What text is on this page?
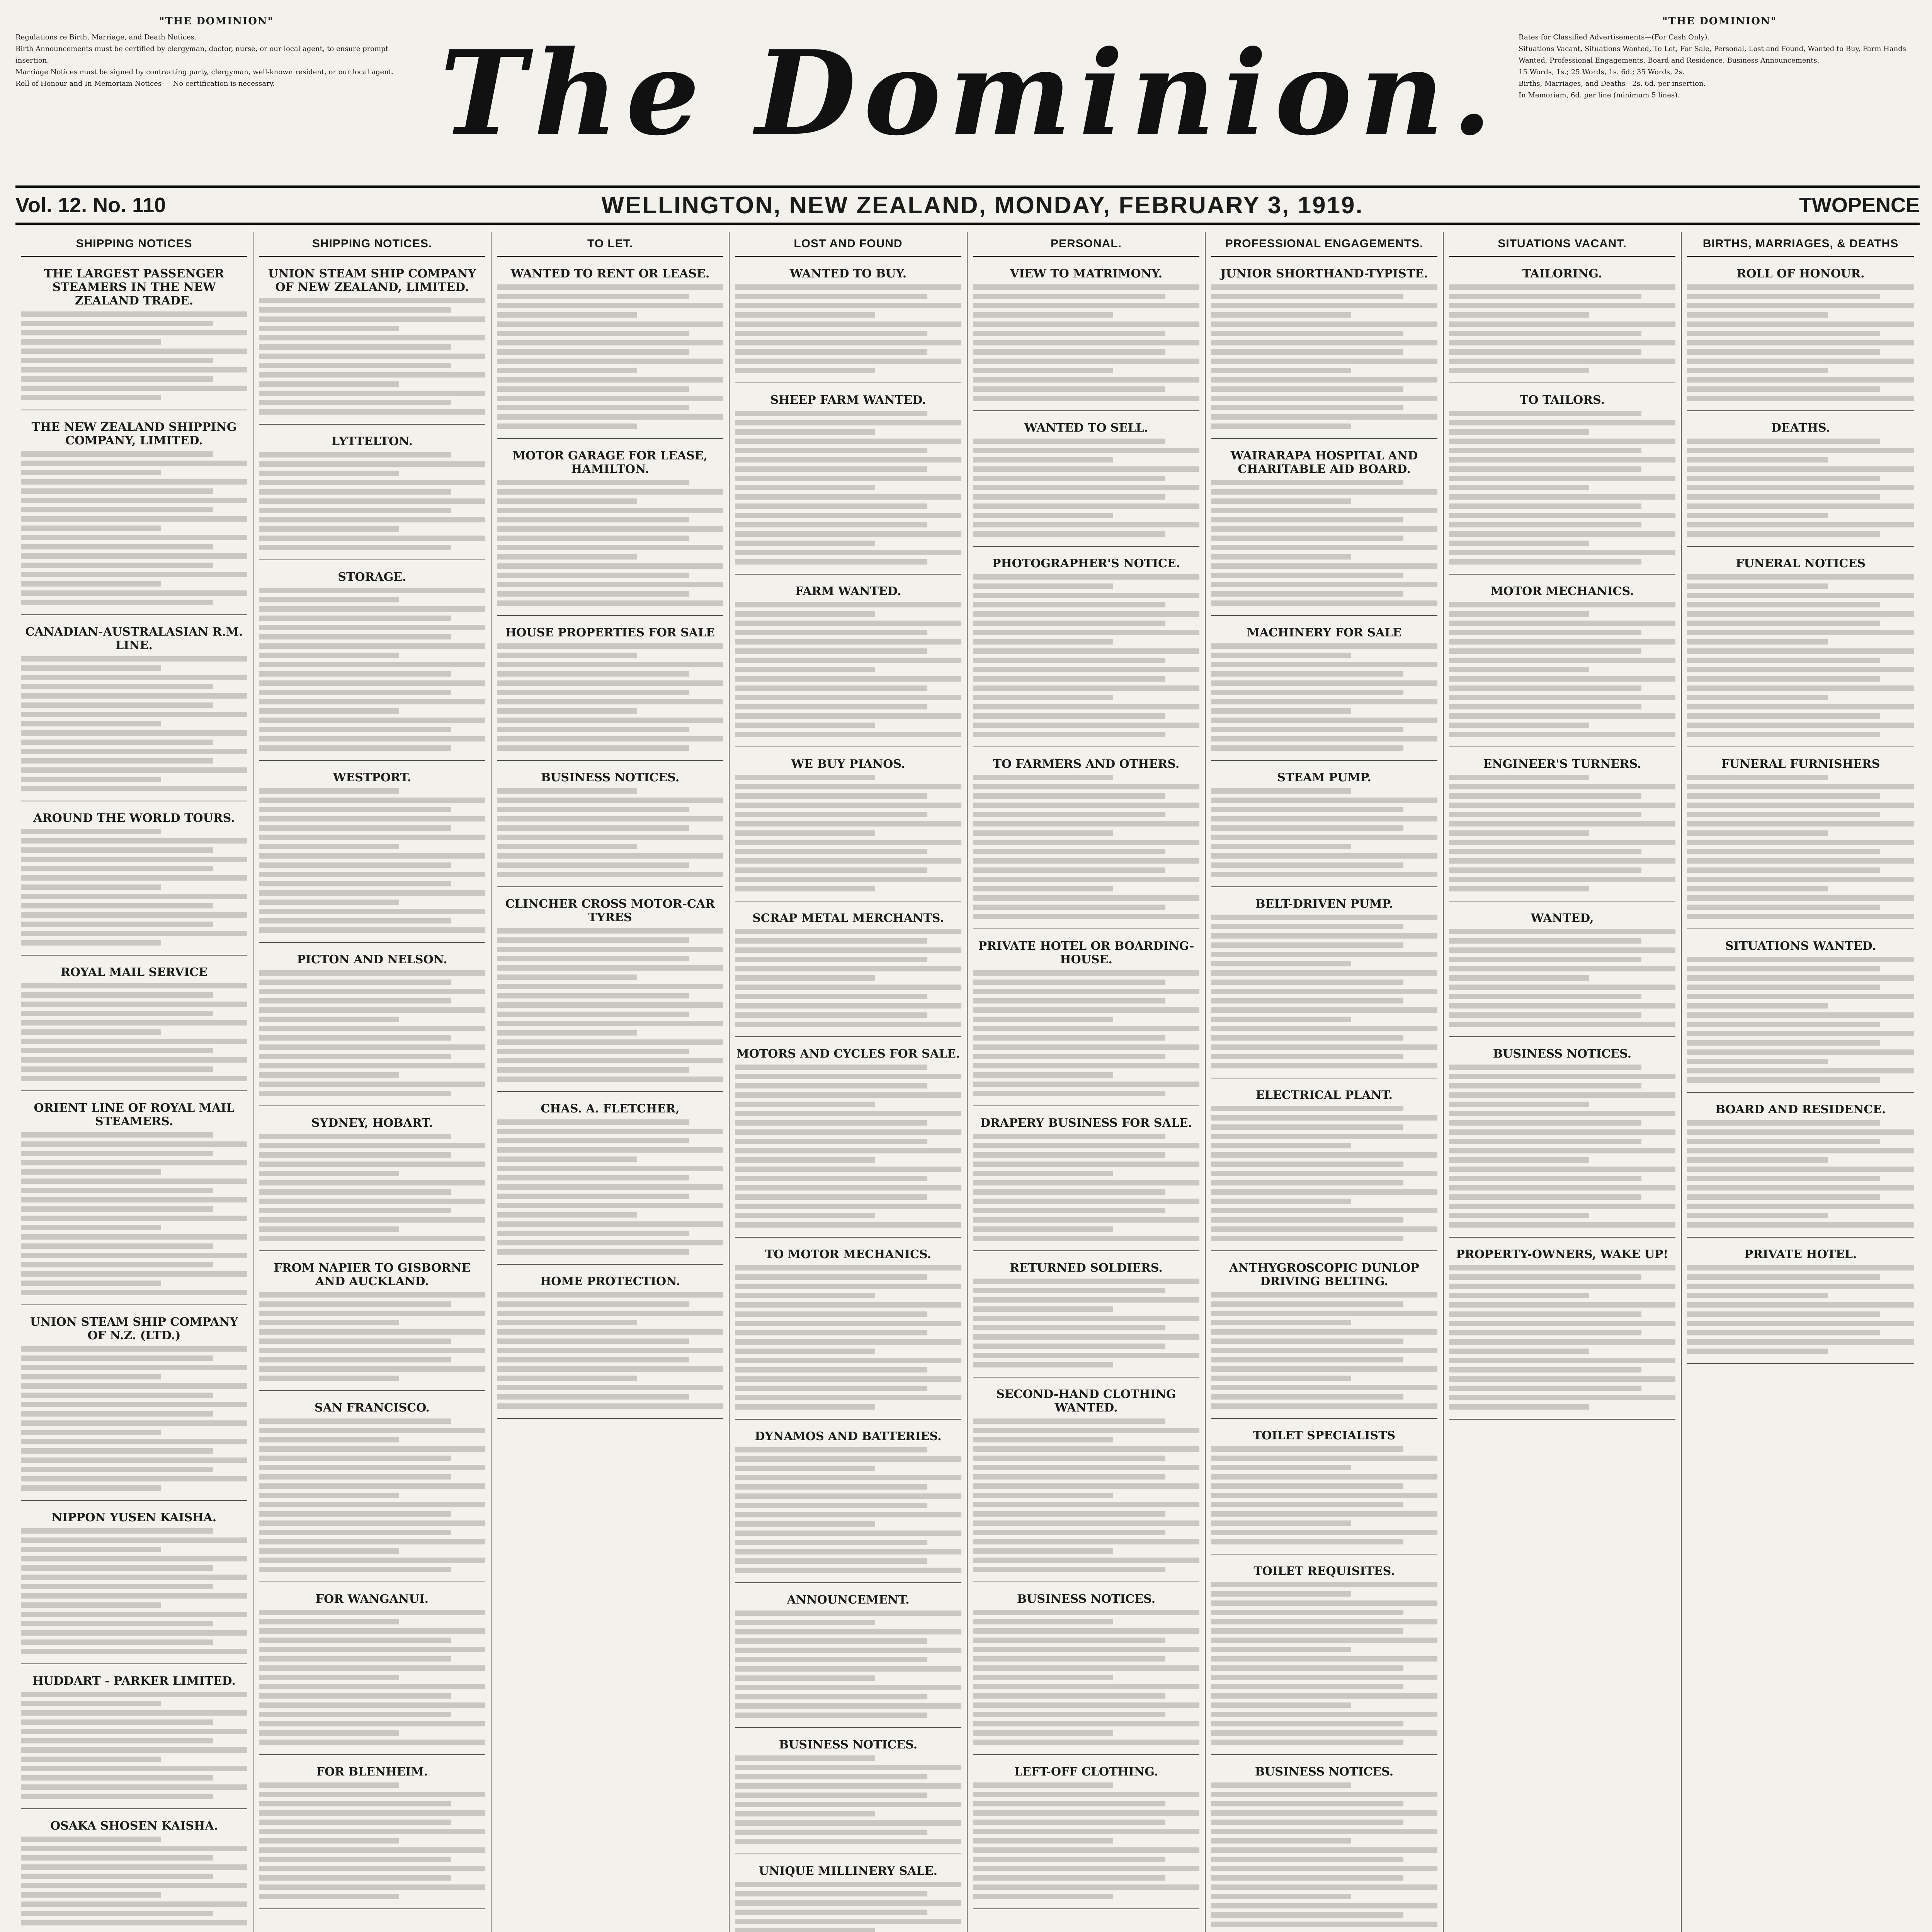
"THE DOMINION"
Regulations re Birth, Marriage, and Death Notices.
Birth Announcements must be certified by clergyman, doctor, nurse, or our local agent, to ensure prompt insertion.
Marriage Notices must be signed by contracting party, clergyman, well-known resident, or our local agent.
Roll of Honour and In Memoriam Notices — No certification is necessary.	The Dominion.
"THE DOMINION"
Rates for Classified Advertisements—(For Cash Only).
Situations Vacant, Situations Wanted, To Let, For Sale, Personal, Lost and Found, Wanted to Buy, Farm Hands Wanted, Professional Engagements, Board and Residence, Business Announcements.
15 Words, 1s.; 25 Words, 1s. 6d.; 35 Words, 2s.
Births, Marriages, and Deaths—2s. 6d. per insertion.
In Memoriam, 6d. per line (minimum 5 lines).
Vol. 12. No. 110	WELLINGTON, NEW ZEALAND, MONDAY, FEBRUARY 3, 1919.	TWOPENCE
SHIPPING NOTICES
THE LARGEST PASSENGER STEAMERS IN THE NEW ZEALAND TRADE.
THE NEW ZEALAND SHIPPING COMPANY, LIMITED.
CANADIAN-AUSTRALASIAN R.M. LINE.
AROUND THE WORLD TOURS.
ROYAL MAIL SERVICE
ORIENT LINE OF ROYAL MAIL STEAMERS.
UNION STEAM SHIP COMPANY OF N.Z. (LTD.)
NIPPON YUSEN KAISHA.
HUDDART - PARKER LIMITED.
OSAKA SHOSEN KAISHA.
SHIPPING NOTICES.
UNION STEAM SHIP COMPANY OF NEW ZEALAND, LIMITED.
LYTTELTON.
STORAGE.
WESTPORT.
PICTON AND NELSON.
SYDNEY, HOBART.
FROM NAPIER TO GISBORNE AND AUCKLAND.
SAN FRANCISCO.
FOR WANGANUI.
FOR BLENHEIM.
TO LET.
WANTED TO RENT OR LEASE.
MOTOR GARAGE FOR LEASE, HAMILTON.
HOUSE PROPERTIES FOR SALE
BUSINESS NOTICES.
CLINCHER CROSS MOTOR-CAR TYRES
CHAS. A. FLETCHER,
HOME PROTECTION.
LOST AND FOUND
WANTED TO BUY.
SHEEP FARM WANTED.
FARM WANTED.
WE BUY PIANOS.
SCRAP METAL MERCHANTS.
MOTORS AND CYCLES FOR SALE.
TO MOTOR MECHANICS.
DYNAMOS AND BATTERIES.
ANNOUNCEMENT.
BUSINESS NOTICES.
UNIQUE MILLINERY SALE.
PERSONAL.
VIEW TO MATRIMONY.
WANTED TO SELL.
PHOTOGRAPHER'S NOTICE.
TO FARMERS AND OTHERS.
PRIVATE HOTEL OR BOARDING-HOUSE.
DRAPERY BUSINESS FOR SALE.
RETURNED SOLDIERS.
SECOND-HAND CLOTHING WANTED.
BUSINESS NOTICES.
LEFT-OFF CLOTHING.
PROFESSIONAL ENGAGEMENTS.
JUNIOR SHORTHAND-TYPISTE.
WAIRARAPA HOSPITAL AND CHARITABLE AID BOARD.
MACHINERY FOR SALE
STEAM PUMP.
BELT-DRIVEN PUMP.
ELECTRICAL PLANT.
ANTHYGROSCOPIC DUNLOP DRIVING BELTING.
TOILET SPECIALISTS
TOILET REQUISITES.
BUSINESS NOTICES.
SITUATIONS VACANT.
TAILORING.
TO TAILORS.
MOTOR MECHANICS.
ENGINEER'S TURNERS.
WANTED,
BUSINESS NOTICES.
PROPERTY-OWNERS, WAKE UP!
BIRTHS, MARRIAGES, & DEATHS
ROLL OF HONOUR.
DEATHS.
FUNERAL NOTICES
FUNERAL FURNISHERS
SITUATIONS WANTED.
BOARD AND RESIDENCE.
PRIVATE HOTEL.
